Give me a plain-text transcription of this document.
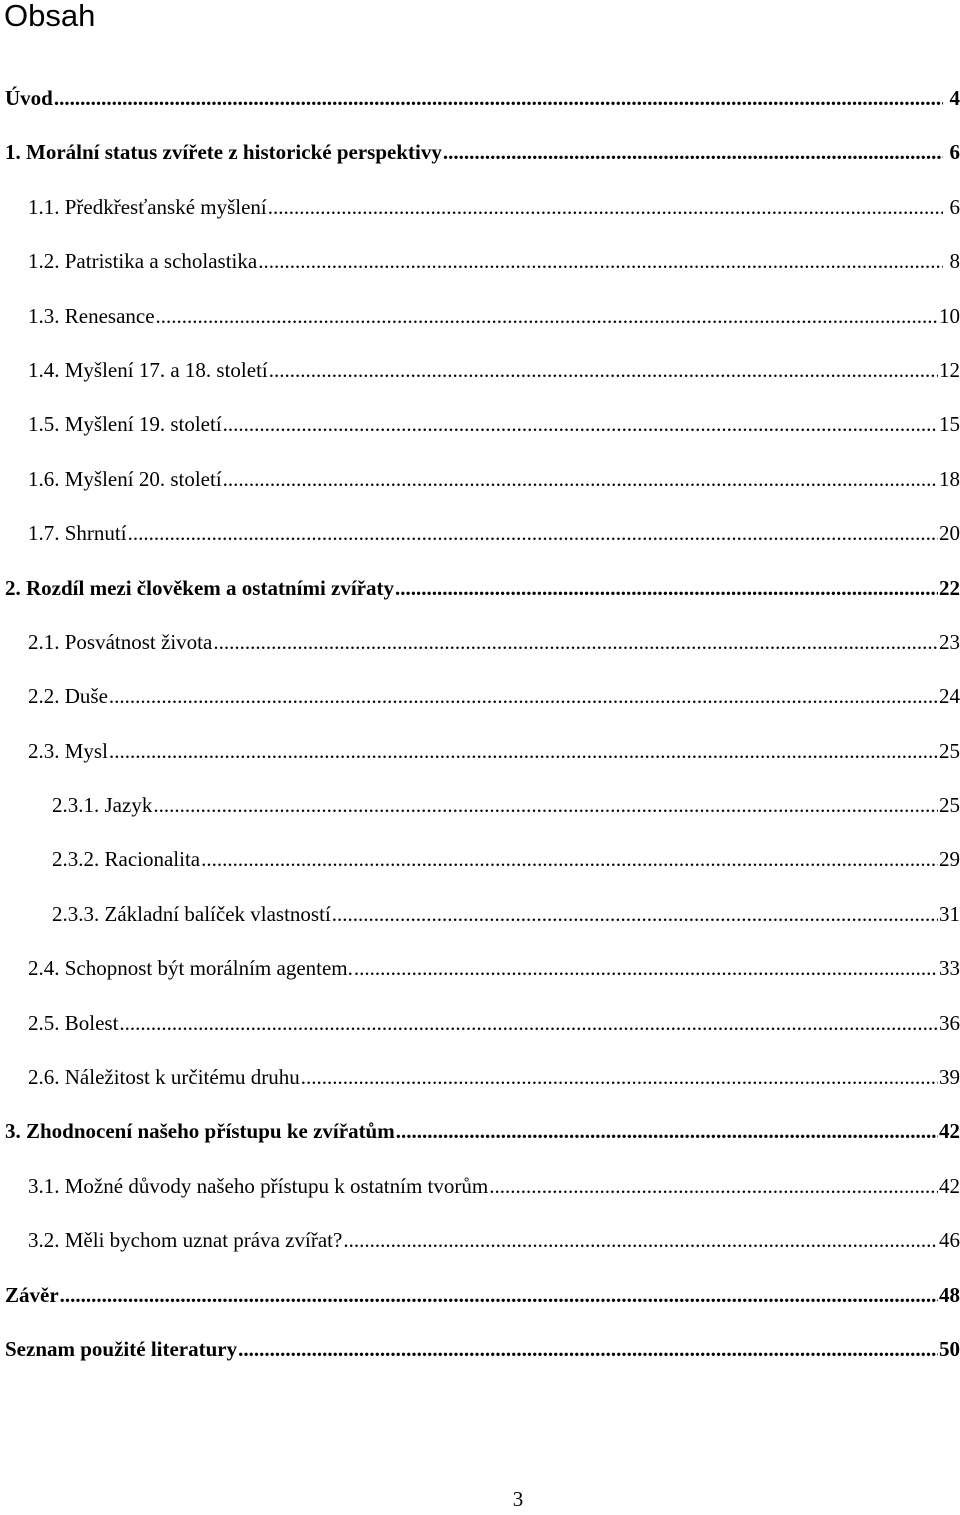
Obsah
Úvod .....	4
1. Morální status zvířete z historické perspektivy .....	6
1.1. Předkřesťanské myšlení .....	6
1.2. Patristika a scholastika .....	8
1.3. Renesance .....	10
1.4. Myšlení 17. a 18. století .....	12
1.5. Myšlení 19. století .....	15
1.6. Myšlení 20. století .....	18
1.7. Shrnutí .....	20
2. Rozdíl mezi člověkem a ostatními zvířaty .....	22
2.1. Posvátnost života .....	23
2.2. Duše .....	24
2.3. Mysl .....	25
2.3.1. Jazyk .....	25
2.3.2. Racionalita .....	29
2.3.3. Základní balíček vlastností .....	31
2.4. Schopnost být morálním agentem. .....	33
2.5. Bolest .....	36
2.6. Náležitost k určitému druhu .....	39
3. Zhodnocení našeho přístupu ke zvířatům .....	42
3.1. Možné důvody našeho přístupu k ostatním tvorům .....	42
3.2. Měli bychom uznat práva zvířat? .....	46
Závěr .....	48
Seznam použité literatury .....	50
3
